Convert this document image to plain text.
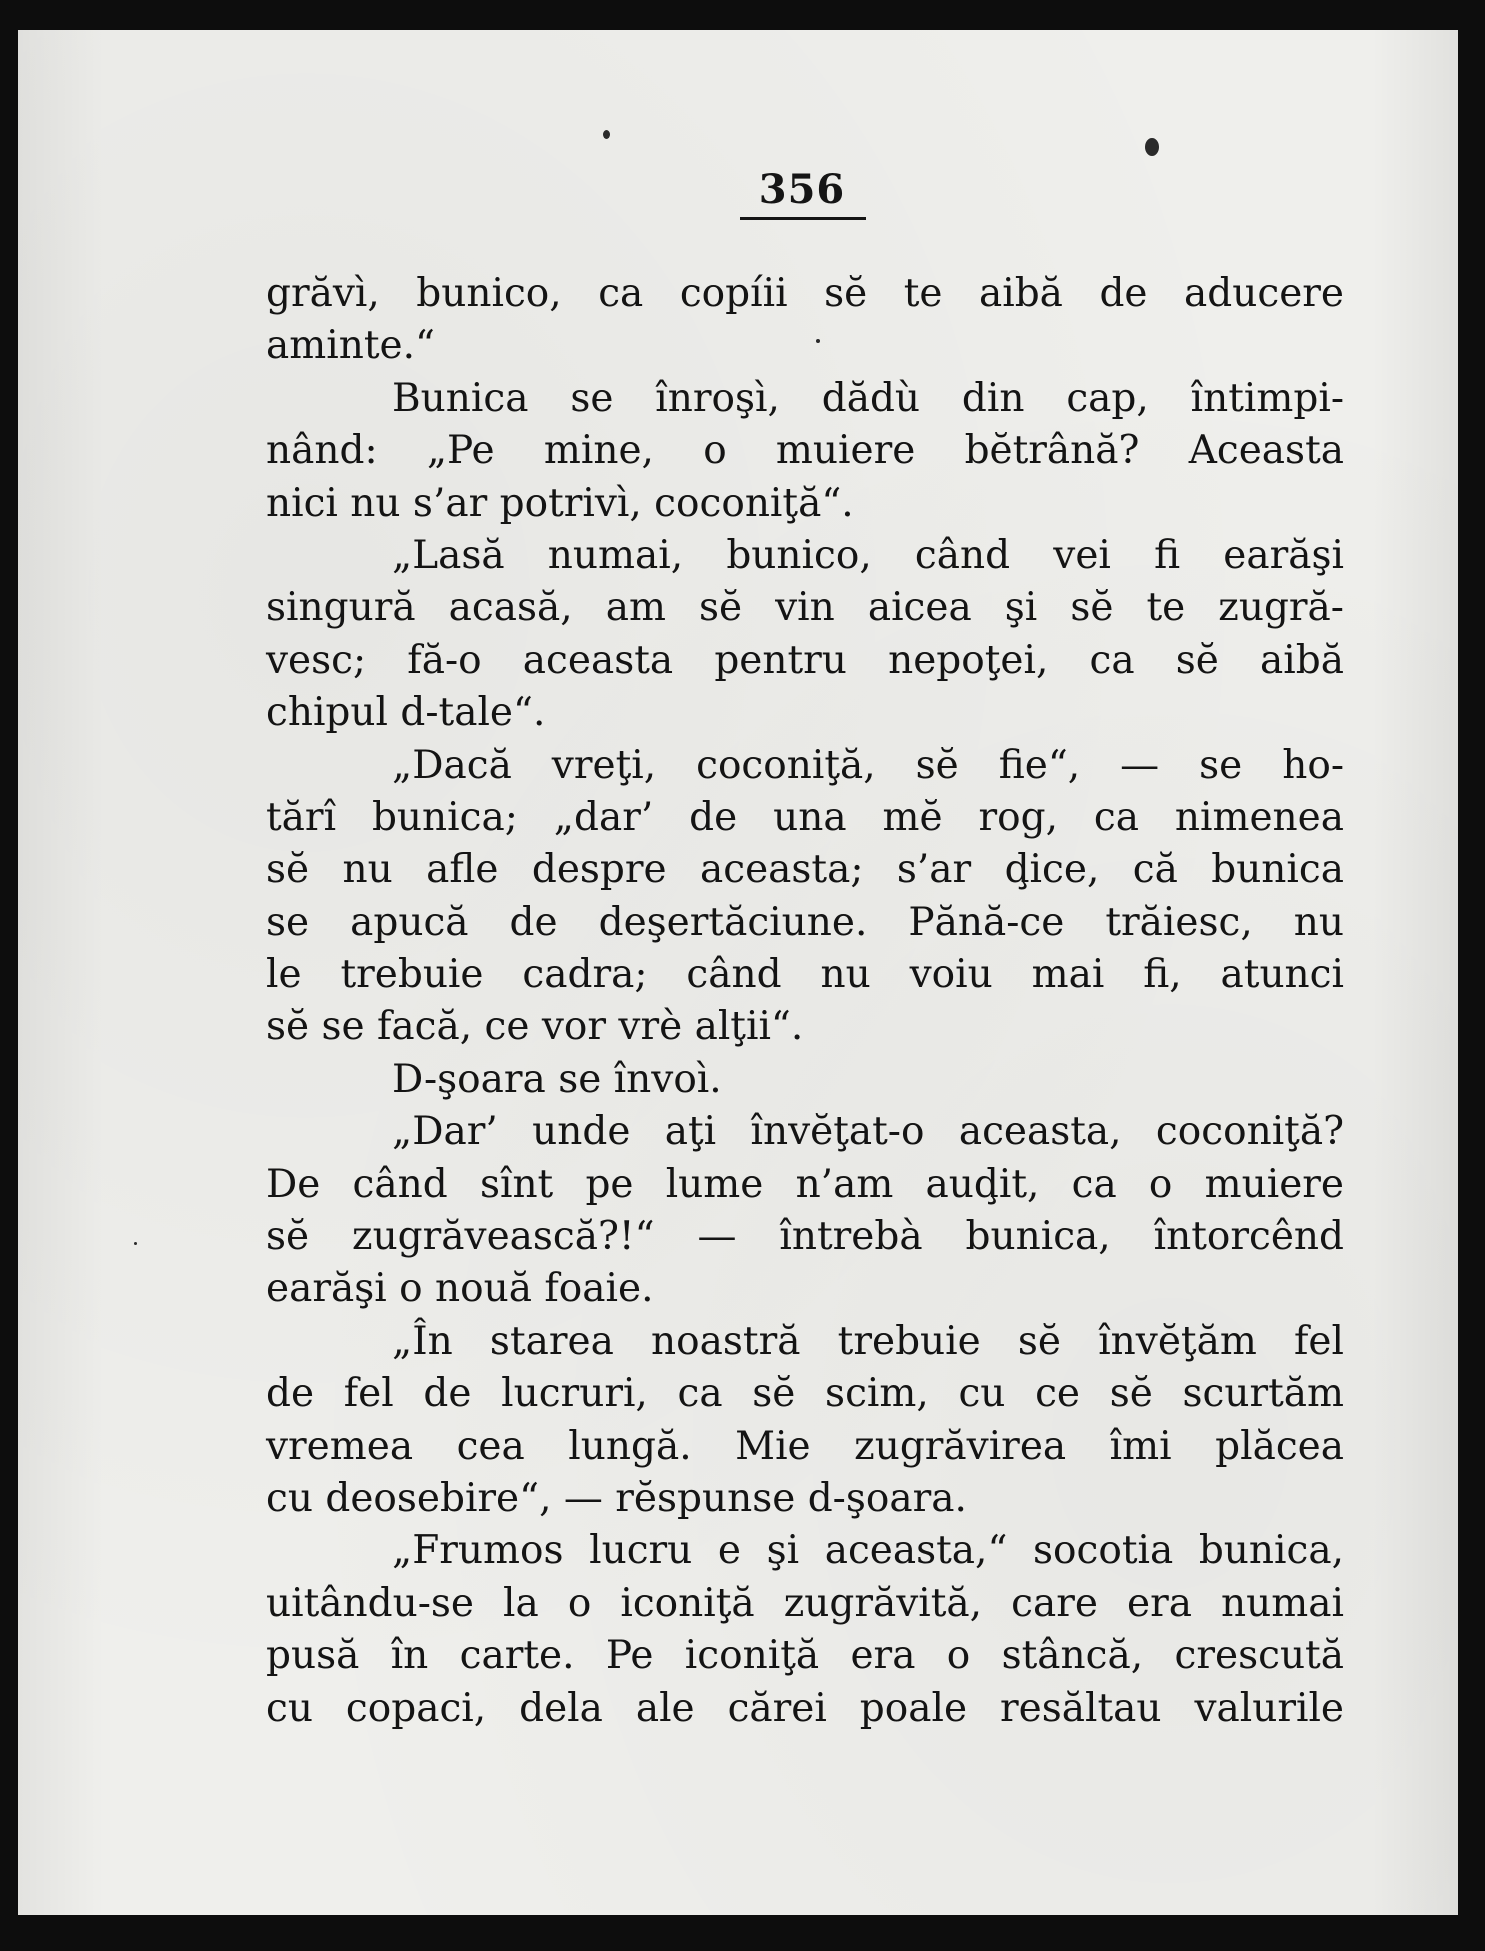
356
grăvì, bunico, ca copíii sĕ te aibă de aducere
aminte.“
Bunica se înroşì, dădù din cap, întimpi-
nând: „Pe mine, o muiere bĕtrână? Aceasta
nici nu s’ar potrivì, coconiţă“.
„Lasă numai, bunico, când vei fi earăşi
singură acasă, am sĕ vin aicea şi sĕ te zugră-
vesc; fă-o aceasta pentru nepoţei, ca sĕ aibă
chipul d-tale“.
„Dacă vreţi, coconiţă, sĕ fie“, — se ho-
tărî bunica; „dar’ de una mĕ rog, ca nimenea
sĕ nu afle despre aceasta; s’ar ḑice, că bunica
se apucă de deşertăciune. Pănă-ce trăiesc, nu
le trebuie cadra; când nu voiu mai fi, atunci
sĕ se facă, ce vor vrè alţii“.
D-şoara se învoì.
„Dar’ unde aţi învĕţat-o aceasta, coconiţă?
De când sînt pe lume n’am auḑit, ca o muiere
sĕ zugrăvească?!“ — întrebà bunica, întorcênd
earăşi o nouă foaie.
„În starea noastră trebuie sĕ învĕţăm fel
de fel de lucruri, ca sĕ scim, cu ce sĕ scurtăm
vremea cea lungă. Mie zugrăvirea îmi plăcea
cu deosebire“, — rĕspunse d-şoara.
„Frumos lucru e şi aceasta,“ socotia bunica,
uitându-se la o iconiţă zugrăvită, care era numai
pusă în carte. Pe iconiţă era o stâncă, crescută
cu copaci, dela ale cărei poale resăltau valurile
